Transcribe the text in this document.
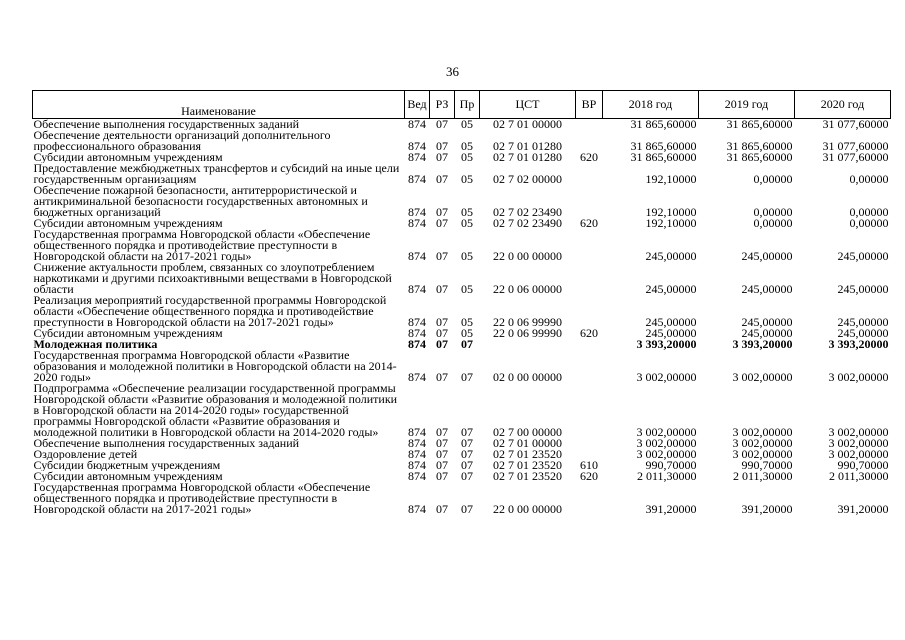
36
Наименование	Вед	РЗ	Пр	ЦСТ	ВР	2018 год	2019 год	2020 год
Обеспечение выполнения государственных заданий	874	07	05	02 7 01 00000		31 865,60000	31 865,60000	31 077,60000
Обеспечение деятельности организаций дополнительного профессионального образования	874	07	05	02 7 01 01280		31 865,60000	31 865,60000	31 077,60000
Субсидии автономным учреждениям	874	07	05	02 7 01 01280	620	31 865,60000	31 865,60000	31 077,60000
Предоставление межбюджетных трансфертов и субсидий на иные цели государственным организациям	874	07	05	02 7 02 00000		192,10000	0,00000	0,00000
Обеспечение пожарной безопасности, антитеррористической и антикриминальной безопасности государственных автономных и бюджетных организаций	874	07	05	02 7 02 23490		192,10000	0,00000	0,00000
Субсидии автономным учреждениям	874	07	05	02 7 02 23490	620	192,10000	0,00000	0,00000
Государственная программа Новгородской области «Обеспечение общественного порядка и противодействие преступности в Новгородской области на 2017-2021 годы»	874	07	05	22 0 00 00000		245,00000	245,00000	245,00000
Снижение актуальности проблем, связанных со злоупотреблением наркотиками и другими психоактивными веществами в Новгородской области	874	07	05	22 0 06 00000		245,00000	245,00000	245,00000
Реализация мероприятий государственной программы Новгородской области «Обеспечение общественного порядка и противодействие преступности в Новгородской области на 2017-2021 годы»	874	07	05	22 0 06 99990		245,00000	245,00000	245,00000
Субсидии автономным учреждениям	874	07	05	22 0 06 99990	620	245,00000	245,00000	245,00000
Молодежная политика	874	07	07			3 393,20000	3 393,20000	3 393,20000
Государственная программа Новгородской области «Развитие образования и молодежной политики в Новгородской области на 2014-2020 годы»	874	07	07	02 0 00 00000		3 002,00000	3 002,00000	3 002,00000
Подпрограмма «Обеспечение реализации государственной программы Новгородской области «Развитие образования и молодежной политики в Новгородской области на 2014-2020 годы» государственной программы Новгородской области «Развитие образования и молодежной политики в Новгородской области на 2014-2020 годы»	874	07	07	02 7 00 00000		3 002,00000	3 002,00000	3 002,00000
Обеспечение выполнения государственных заданий	874	07	07	02 7 01 00000		3 002,00000	3 002,00000	3 002,00000
Оздоровление детей	874	07	07	02 7 01 23520		3 002,00000	3 002,00000	3 002,00000
Субсидии бюджетным учреждениям	874	07	07	02 7 01 23520	610	990,70000	990,70000	990,70000
Субсидии автономным учреждениям	874	07	07	02 7 01 23520	620	2 011,30000	2 011,30000	2 011,30000
Государственная программа Новгородской области «Обеспечение общественного порядка и противодействие преступности в Новгородской области на 2017-2021 годы»	874	07	07	22 0 00 00000		391,20000	391,20000	391,20000
